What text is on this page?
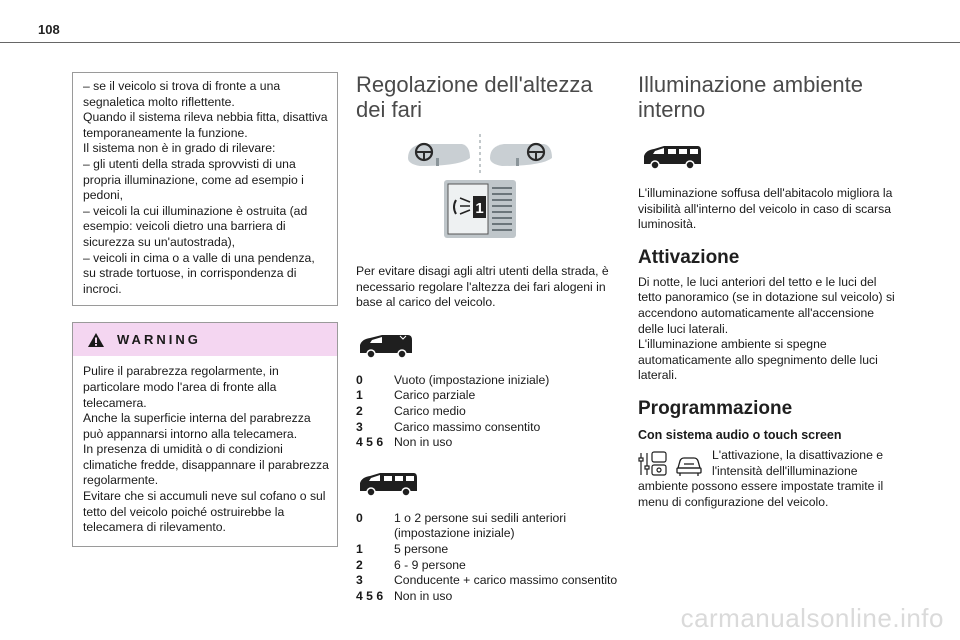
108

– se il veicolo si trova di fronte a una segnaletica molto riflettente.
Quando il sistema rileva nebbia fitta, disattiva temporaneamente la funzione.
Il sistema non è in grado di rilevare:
– gli utenti della strada sprovvisti di una propria illuminazione, come ad esempio i pedoni,
– veicoli la cui illuminazione è ostruita (ad esempio: veicoli dietro una barriera di sicurezza su un'autostrada),
– veicoli in cima o a valle di una pendenza, su strade tortuose, in corrispondenza di incroci.

WARNING

Pulire il parabrezza regolarmente, in particolare modo l'area di fronte alla telecamera.
Anche la superficie interna del parabrezza può appannarsi intorno alla telecamera.
In presenza di umidità o di condizioni climatiche fredde, disappannare il parabrezza regolarmente.
Evitare che si accumuli neve sul cofano o sul tetto del veicolo poiché ostruirebbe la telecamera di rilevamento.

Regolazione dell'altezza
dei fari
1

Per evitare disagi agli altri utenti della strada, è necessario regolare l'altezza dei fari alogeni in base al carico del veicolo.

0	Vuoto (impostazione iniziale)
1	Carico parziale
2	Carico medio
3	Carico massimo consentito
4 5 6 Non in uso
0	1 o 2 persone sui sedili anteriori (impostazione iniziale)
1	5 persone
2	6 - 9 persone
3	Conducente + carico massimo consentito
4 5 6 Non in uso
Illuminazione ambiente
interno

L'illuminazione soffusa dell'abitacolo migliora la visibilità all'interno del veicolo in caso di scarsa luminosità.

Attivazione

Di notte, le luci anteriori del tetto e le luci del tetto panoramico (se in dotazione sul veicolo) si accendono automaticamente all'accensione delle luci laterali.
L'illuminazione ambiente si spegne automaticamente allo spegnimento delle luci laterali.

Programmazione
Con sistema audio o touch screen

L'attivazione, la disattivazione e l'intensità dell'illuminazione ambiente possono essere impostate tramite il menu di configurazione del veicolo.

carmanualsonline.info
